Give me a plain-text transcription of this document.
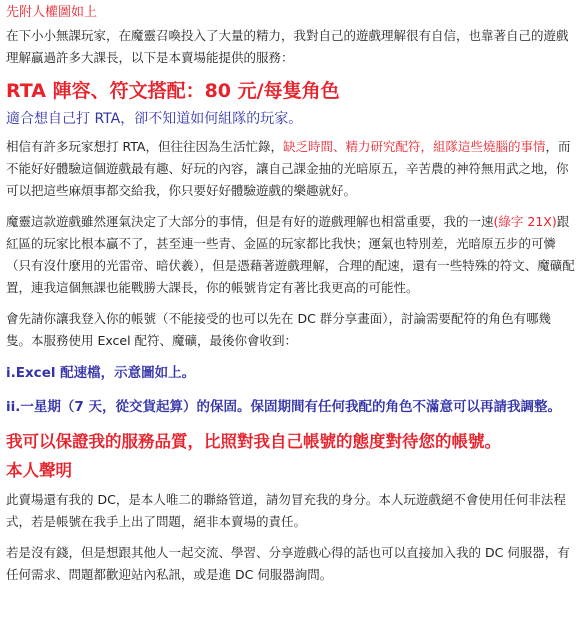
先附人權圖如上

在下小小無課玩家，在魔靈召喚投入了大量的精力，我對自己的遊戲理解很有自信，也靠著自己的遊戲理解贏過許多大課長，以下是本賣場能提供的服務：

RTA 陣容、符文搭配：80 元/每隻角色
適合想自己打 RTA，卻不知道如何組隊的玩家。

相信有許多玩家想打 RTA，但往往因為生活忙錄，缺乏時間、精力研究配符，組隊這些燒腦的事情，而不能好好體驗這個遊戲最有趣、好玩的內容，讓自己課金抽的光暗原五，辛苦農的神符無用武之地，你可以把這些麻煩事都交給我，你只要好好體驗遊戲的樂趣就好。

魔靈這款遊戲雖然運氣決定了大部分的事情，但是有好的遊戲理解也相當重要，我的一速(綠字 21X)跟紅區的玩家比根本贏不了，甚至連一些青、金區的玩家都比我快；運氣也特別差，光暗原五步的可憐（只有沒什麼用的光雷帝、暗伏羲），但是憑藉著遊戲理解，合理的配速，還有一些特殊的符文、魔礦配置，連我這個無課也能戰勝大課長，你的帳號肯定有著比我更高的可能性。

會先請你讓我登入你的帳號（不能接受的也可以先在 DC 群分享畫面），討論需要配符的角色有哪幾隻。本服務使用 Excel 配符、魔礦，最後你會收到：

i.Excel 配速檔，示意圖如上。
ii.一星期（7 天，從交貨起算）的保固。保固期間有任何我配的角色不滿意可以再請我調整。
我可以保證我的服務品質，比照對我自己帳號的態度對待您的帳號。
本人聲明

此賣場還有我的 DC，是本人唯二的聯絡管道，請勿冒充我的身分。本人玩遊戲絕不會使用任何非法程式，若是帳號在我手上出了問題，絕非本賣場的責任。

若是沒有錢，但是想跟其他人一起交流、學習、分享遊戲心得的話也可以直接加入我的 DC 伺服器，有任何需求、問題都歡迎站內私訊，或是進 DC 伺服器詢問。
